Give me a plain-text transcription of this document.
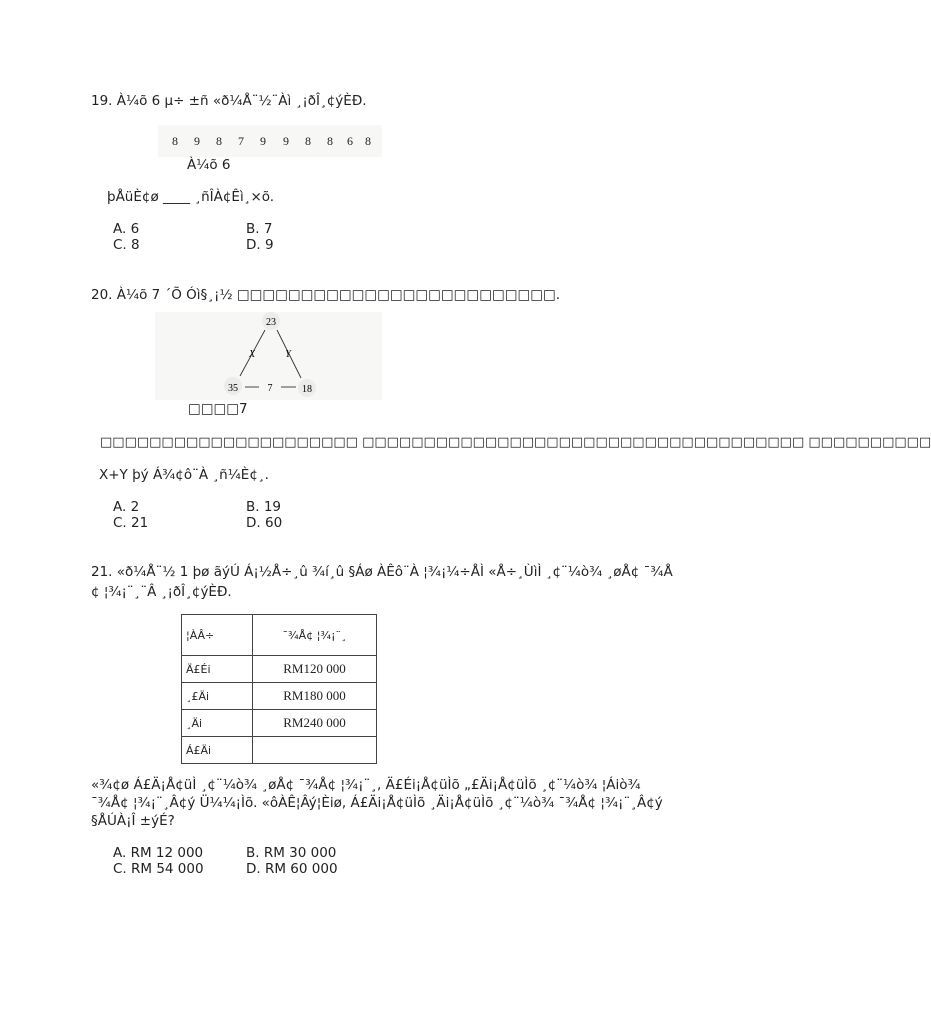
19. À¼õ 6 µ÷ ±ñ «ð¼Å¨½¨Àì ¸¡ðÎ¸¢ýÈÐ.
8 9 8 7 9 9 8 8 6 8
À¼õ 6
þÅüÈ¢ø ____ ¸ñÎÀ¢Êì¸×õ.
A. 6	B. 7
C. 8	D. 9
20. À¼õ 7 ´Õ Óì§¸¡½ □□□□□□□□□□□□□□□□□□□□□□□□□.
23
X	Y
35	7	18
□□□□7
□□□□□□□□□□□□□□□□□□□□□ □□□□□□□□□□□□□□□□□□□□□□□□□□□□□□□□□□□□ □□□□□□□□□□
X+Y þý Á¾¢ô¨À ¸ñ¼È¢¸.
A. 2	B. 19
C. 21	D. 60
21. «ð¼Å¨½ 1 þø ãýÚ Á¡½Å÷¸û ¾í¸û §Áø ÀÊô¨À ¦¾¡¼÷ÅÌ «Å÷¸ÙìÌ ¸¢¨¼ò¾ ¸øÅ¢ ¯¾Å
¢ ¦¾¡¨¸¨Â ¸¡ðÎ¸¢ýÈÐ.
¦ÀÂ÷	¯¾Å¢ ¦¾¡¨¸
Ä£Éi	RM120 000
¸£Äi	RM180 000
¸Äi	RM240 000
Á£Äi	
«¾¢ø Á£Ä¡Å¢üÌ ¸¢¨¼ò¾ ¸øÅ¢ ¯¾Å¢ ¦¾¡¨¸, Ä£Éi¡Å¢üÌõ „£Äi¡Å¢üÌõ ¸¢¨¼ò¾ ¦Áiò¾
¯¾Å¢ ¦¾¡¨¸Â¢ý Ü¼¼¡Ìõ. «ôÀÊ¦Âý¦Èiø, Á£Äi¡Å¢üÌõ ¸Äi¡Å¢üÌõ ¸¢¨¼ò¾ ¯¾Å¢ ¦¾¡¨¸Â¢ý
§ÅÚÀ¡Î ±ýÉ?
A. RM 12 000	B. RM 30 000
C. RM 54 000	D. RM 60 000
